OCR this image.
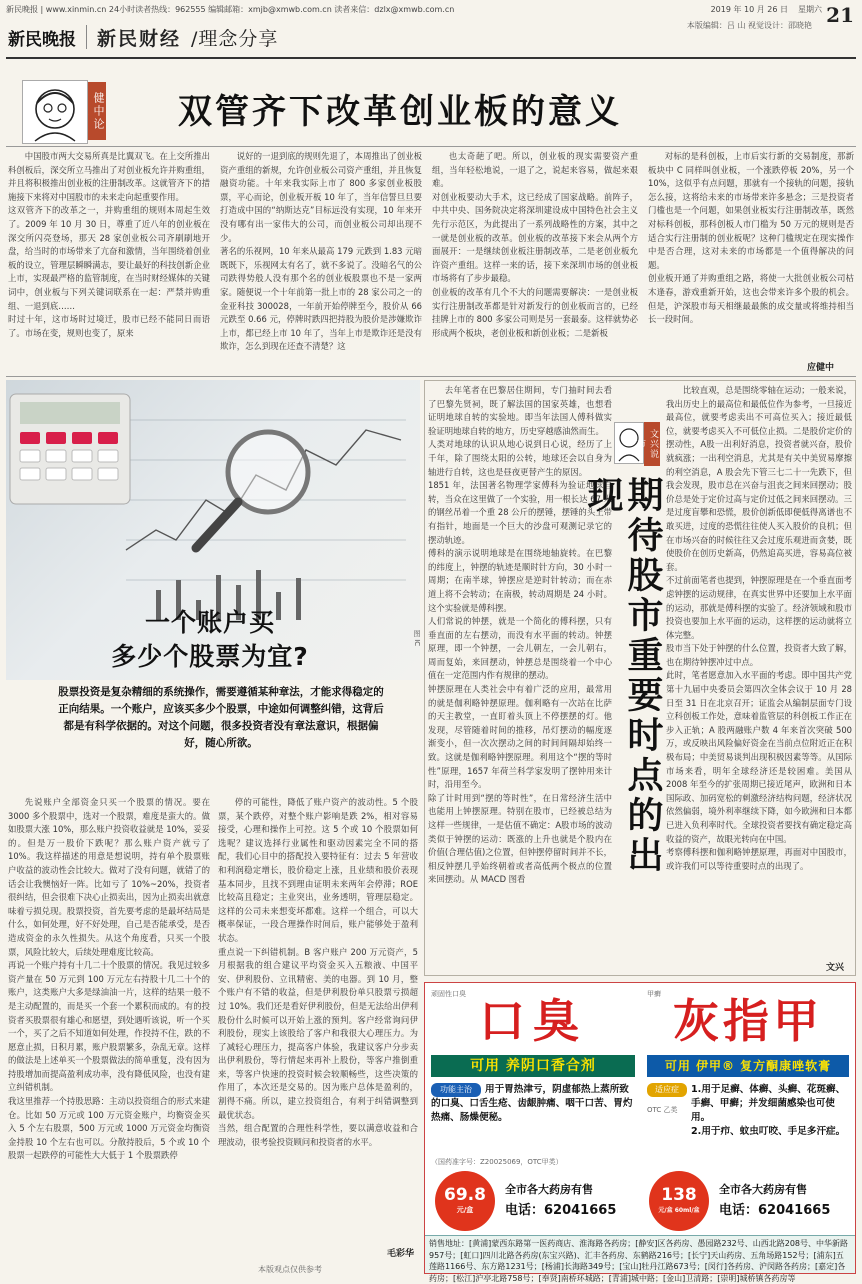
新民晚报 | www.xinmin.cn 24小时读者热线：962555 编辑邮箱：xmjb@xmwb.com.cn 读者来信：dzlx@xmwb.com.cn	2019 年 10 月 26 日 星期六 21
新民晚报 新民财经 /理念分享
本版编辑：吕 山 视觉设计：邵晓艳
健中论 双管齐下改革创业板的意义

中国股市两大交易所真是比翼双飞。在上交所推出科创板后，深交所立马推出了对创业板允许并购重组，并且将积极推出创业板的注册制改革。这就管齐下的措施接下来将对中国股市的未来走向起重要作用。
这双管齐下的改革之一，并购重组的规则本周起生效了。2009 年 10 月 30 日，尊重了近八年的创业板在深交所闪亮登场，那天 28 家创业板公司齐刷刷地开盘，给当时的市场带来了亢奋和激情，当年围绕着创业板的设立，管理层瞬瞬满志，要让最好的科技创新企业上市，实现最严格的监管制度，在当时财经媒体的关键词中，创业板与下列关键词联系在一起：严禁并购重组、一退到底……
时过十年，这市场时过境迁，股市已经不能同日而语了。市场在变，规则也变了，原来

说好的一退到底的规则先退了，本周推出了创业板资产重组的新规，允许创业板公司资产重组，并且恢复融资功能。十年来我实际上市了 800 多家创业板股票，平心而论，创业板开板 10 年了，当年信誓旦旦要打造成中国的“纳斯达克”目标远没有实现，10 年来开没有哪有出一家伟大的公司，而创业板公司却出现不少。
著名的乐视网，10 年来从最高 179 元跌到 1.83 元暗既既下，乐视网太有名了，就不多说了。没暗名气的公司跌得势般人没有那个名的创业板股票也不是一家两家。随便说一个十年前第一批上市的 28 家公司之一的金亚科技 300028，一年前开始停牌至今，股价从 66 元跌至 0.66 元，停牌时跌四把持股为股价是涉嫌欺诈上市，都已经上市 10 年了，当年上市是欺诈还是没有欺诈，怎么到现在还查不清楚？这

也太奇葩了吧。所以，创业板的现实需要资产重组，当年轻松地说，一退了之，说起来容易，做起来艰难。
对创业板要动大手术，这已经成了国家战略。前阵子，中共中央、国务院决定将深圳建设成中国特色社会主义先行示范区，为此提出了一系列战略性的方案，其中之一就是创业板的改革。创业板的改革接下来会从两个方面展开：一是继续创业板注册制改革，二是老创业板允许资产重组。这样一来的话，接下来深圳市场的创业板市场将有了步步最稳。
创业板的改革有几个不大的问题需要解决：一是创业板实行注册制改革都是针对新发行的创业板而言的，已经挂牌上市的 800 多家公司则是另一套最泰。这样就势必形成两个板块，老创业板和新创业板；二是新板

对标的是科创板，上市后实行新的交易制度，那新板块中 C 同样叫创业板，一个涨跌停板 20%，另一个 10%，这似乎有点问题，那就有一个接轨的问题，接轨怎么接，这将给未来的市场带来许多悬念；三是投资者门槛也是一个问题，如果创业板实行注册制改革，既然对标科创板，那科创板人市门槛为 50 万元的规则是否适合实行注册制的创业板呢？这种门槛规定在现实操作中是否合理，这对未来的市场都是一个值得解决的问题。
创业板开通了并购重组之路，将使一大批创业板公司枯木逢春，游戏重新开始，这也会带来许多个股的机会。但是，沪深股市每天相继最最熊的成交量或将维持相当长一段时间。

应健中
图 IC
一个账户买
多少个股票为宜?
股票投资是复杂精细的系统操作，需要遵循某种章法，才能求得稳定的正向结果。一个账户，应该买多少个股票，中途如何调整纠错，这背后都是有科学依据的。对这个问题，很多投资者没有章法意识，根据偏好，随心所欲。

先说账户全部资金只买一个股票的情况。要在 3000 多个股票中，选对一个股票，难度是蛮大的。做如股票大涨 10%，那么账户投资收益就是 10%，妥妥的。但是万一股价下跌呢？那么账户资产就亏了 10%。我这样描述的用意是想说明，持有单个股票账户收益的波动性会比较大。做对了没有问题，就错了的话会让我懊恼好一阵。比如亏了 10%~20%，投资者很纠结，但会很难下决心止损卖出，因为止损卖出就意味着亏损兑现。股票投资，首先要考虑的是最坏结局是什么，如何处理，好不好处理，自己是否能承受，是否造成资金的永久性损失。从这个角度看，只买一个股票，风险比较大，后续处理难度比较高。
再说一个账户持有十几二十个股票的情况。我见过较多资产量在 50 万元到 100 万元左右持股十几二十个的账户，这类账户大多是绿油油一片，这样的结果一般不是主动配置的，而是买一个套一个累积而成的。有的投资者买股票很有雄心和愿望，到处遇听该说，听一个买一个，买了之后不知道如何处理，作投持不住，跌的不愿意止损，日积月累，账户股票繁多，杂乱无章。这样的做法是上述单买一个股票做法的简单重复，没有因为持股增加而提高盈利成功率，没有降低风险，也没有建立纠错机制。
我这里推荐一个持股思路：主动以投资组合的形式来建仓。比如 50 万元或 100 万元资金账户，均衡资金买入 5 个左右股票，500 万元或 1000 万元资金均衡资金持股 10 个左右也可以。分散持股后，5 个或 10 个股票一起跌停的可能性大大低于 1 个股票跌停

停的可能性，降低了账户资产的波动性。5 个股票，某个跌停，对整个账户影响是跌 2%，相对容易接受，心理和操作上可控。这 5 个或 10 个股票如何选呢？建议选择行业属性和驱动因素完全不同的搭配，我们心目中的搭配投入要特征有：过去 5 年营收和利润稳定增长，股价稳定上涨，且业绩和股价表现基本同步，且找不到理由证明未来两年会停滞；ROE 比较高且稳定；主业突出，业务透明，管理层稳定。这样的公司未来想变坏都难。这样一个组合，可以大概率保证，一段合理操作时间后，账户能够处于盈利状态。
重点说一下纠错机制。B 客户账户 200 万元资产，5 月根据我的组合建议平均资金买入五粮液、中国平安、伊利股份、立讯精密、美的电器。到 10 月，整个账户有不错的收益，但是伊利股份单只股票亏损超过 10%。我们还是看好伊利股份，但是无法给出伊利股份什么时候可以开始上涨的预判。客户经常询问伊利股份，现实上该股给了客户和我很大心理压力。为了减轻心理压力，提高客户体验，我建议客户分步卖出伊利股份，等行情起来再补上股份，等客户推倒重来，等客户快速的投资时候会较顺畅些，这些决策的作用了，本次还是交易的。因为账户总体是盈利的，割得不痛。所以，建立投资组合，有利于纠错调整到最优状态。
当然，组合配置的合理性科学性，要以满意收益和合理波动，很考验投资顾问和投资者的水平。

毛彩华
本版观点仅供参考

去年笔者在巴黎居住期间，专门抽时间去看了巴黎先贤祠，既了解法国的国家英雄，也想看证明地球自转的实验地。即当年法国人傅科做实验证明地球自转的地方，历史穿越感油然而生。
人类对地球的认识从地心说到日心说，经历了上千年，除了围绕太阳的公转，地球还会以自身为轴进行自转，这也是昼夜更替产生的原因。
1851 年，法国著名物理学家傅科为验证地球自转，当众在这里做了一个实验，用一根长达 67 米的钢丝吊着一个重 28 公斤的摆锤，摆锤的头上带有指针，地面是一个巨大的沙盘可观测记录它的摆动轨迹。
傅科的演示说明地球是在围绕地轴旋转。在巴黎的纬度上，钟摆的轨迹是顺时针方向，30 小时一周期；在南半球，钟摆应是逆时针转动；而在赤道上将不会转动；在南极，转动周期是 24 小时。这个实验就是傅科摆。
人们常说的钟摆，就是一个简化的傅科摆，只有垂直面的左右摆动，而没有水平面的转动。钟摆原理，即一个钟摆，一会儿朝左，一会儿朝右，周而复始，来回摆动，钟摆总是围绕着一个中心值在一定范围内作有规律的摆动。
钟摆原理在人类社会中有着广泛的应用，最常用的就是伽利略钟摆原理。伽利略有一次站在比萨的天主教堂，一直盯着头顶上不停摆摆的灯。他发现，尽管随着时间的推移，吊灯摆动的幅度逐渐变小，但一次次摆动之间的时间间隔却始终一致。这就是伽利略钟摆原理。利用这个“摆的等时性”原理，1657 年荷兰科学家发明了摆钟用来计时，沿用至今。
除了计时用到“摆的等时性”，在日常经济生活中也能用上钟摆原理。特别在股市，已经被总结为这样一些规律，一是估值不确定：A股市场的波动类似于钟摆的运动：既涨的上升也就是个股内在价值(合理估值)之位置，但钟摆停留时间并不长，相反钟摆几乎始终朝着或者高低两个极点的位置来回摆动。从 MACD 图看

文兴说市
期待股市重要时点的出现

比较直观，总是围绕零轴在运动；一般来说，我出历史上的最高位和最低位作为参考，一旦接近最高位，就要考虑卖出不可高位买入；接近最低位，就要考虑买入不可低位止损。二是股价定价的摆动性，A股一出利好消息，投资者就兴奋，股价就疯涨；一出利空消息，尤其是有关中美贸易摩擦的利空消息，A 股会先下管三七二十一先跌下，但我会发现，股市总在兴奋与沮丧之间来回摆动；股价总是处于定价过高与定价过低之间来回摆动。三是过度盲攀和恐慌，股价创新低即便低得离谱也不敢买进，过度的恐慌往往使人买入股价的良机；但在市场兴奋的时候往往又会过度乐观进而贪婪，既使股价在创历史新高，仍然追高买进，容易高位被套。
不过前面笔者也提到，钟摆原理是在一个垂直面考虑钟摆的运动规律，在真实世界中还要加上水平面的运动，那就是傅科摆的实验了。经济领域和股市投资也要加上水平面的运动，这样摆的运动就将立体完整。
股市当下处于钟摆的什么位置，投资者大致了解，也在期待钟摆冲过中点。
此时，笔者愿意加入水平面的考虑。即中国共产党第十九届中央委员会第四次全体会议于 10 月 28 日至 31 日在北京召开；证监会从编制层面专门设立科创板工作处，意味着监管层的科创板工作正在步入正轨；A 股两融账户数 4 年来首次突破 500 万，或反映出风险偏好资金在当前点位附近正在积极布局；中美贸易谈判出现积极因素等等。从国际市场来看，明年全球经济还是较困难。美国从 2008 年至今的扩张周期已接近尾声，欧洲和日本国际政、加码宽松的刺激经济结构问题，经济状况依然偏弱，境外利率继续下降，如今欧洲和日本都已进入负利率时代。全球投资者要找有确定稳定高收益的资产，故眼光转向在中国。
考察傅科摆和伽利略钟摆原理，再面对中国股市，或许我们可以等待重要时点的出现了。

文兴
顽固性口臭 口臭
可用 养阴口香合剂
功能主治	用于胃热津亏，阴虚郁热上蒸所致的口臭、口舌生疮、齿龈肿痛、咽干口苦、胃灼热痛、肠燥便秘。
（国药准字号：Z20025069，OTC甲类）
69.8
元/盒
全市各大药房有售
电话：62041665
甲癣 灰指甲
可用 伊甲® 复方酮康唑软膏
适应症	1.用于足癣、体癣、头癣、花斑癣、手癣、甲癣；并发细菌感染也可使用。
2.用于疖、蚊虫叮咬、手足多汗症。
OTC 乙类
138
元/盒 60ml/盒
全市各大药房有售
电话：62041665
销售地址：[黄浦]蒙西东路第一医药商店、淮海路各药房；[静安]区各药房、愚园路232号、山西北路208号、中华新路957号；[虹口]四川北路各药房(东宝兴路)、汇丰各药房、东鹤路216号；[长宁]天山药房、五角场路152号；[浦东]五莲路1166号、东方路1231号；[杨浦]长海路349号；[宝山]牡丹江路673号；[闵行]各药房、沪闵路各药房；[嘉定]各药房；[松江]沪亭北路758号；[奉贤]南桥环城路；[青浦]城中路；[金山]卫清路；[崇明]城桥镇各药房等
